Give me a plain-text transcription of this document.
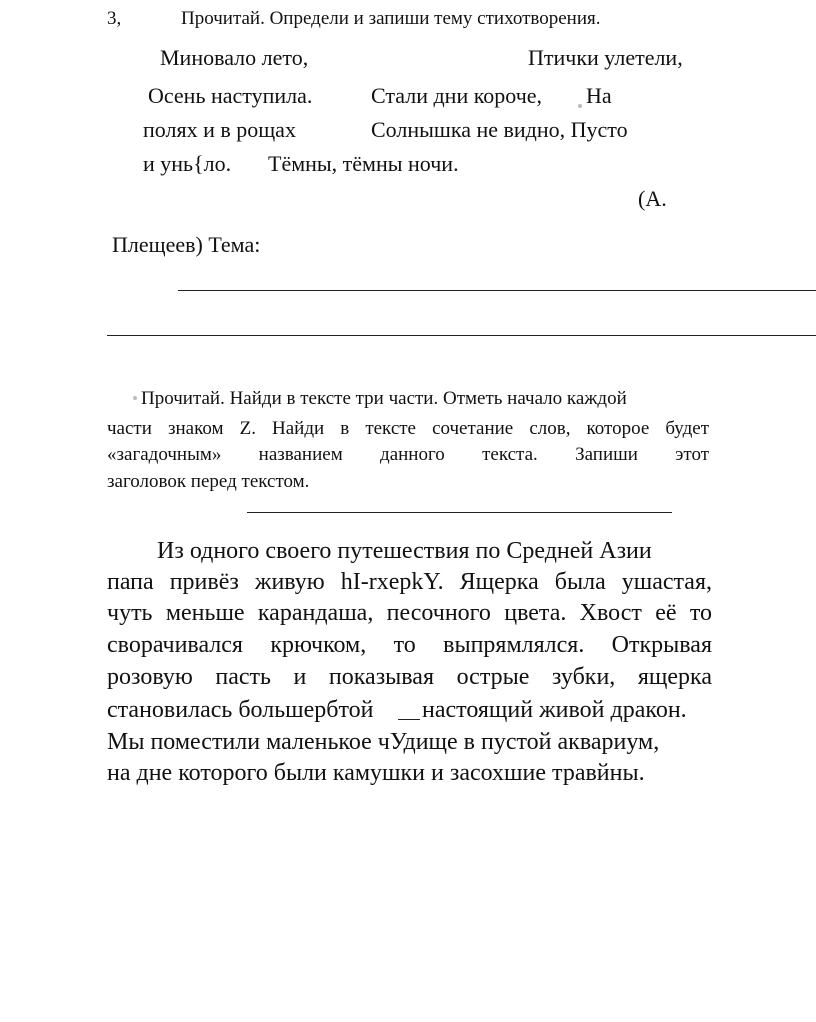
3,	Прочитай. Определи и запиши тему стихотворения.
Миновало лето,	Птички улетели,
Осень наступила.	Стали дни короче, На
полях и в рощах	Солнышка не видно, Пусто
и унь{ло. Тёмны, тёмны ночи.
(А.
Плещеев) Тема:
Прочитай. Найди в тексте три части. Отметь начало каждой
части знаком Z. Найди в тексте сочетание слов, которое будет
«загадочным» названием данного текста. Запиши этот
заголовок перед текстом.
Из одного своего путешествия по Средней Азии
папа привёз живую hI-rxepkY. Ящерка была ушастая,
чуть меньше карандаша, песочного цвета. Хвост её то
сворачивался крючком, то выпрямлялся. Открывая
розовую пасть и показывая острые зубки, ящерка
становилась большербтой настоящий живой дракон.
Мы поместили маленькое чУдище в пустой аквариум,
на дне которого были камушки и засохшие травйны.
